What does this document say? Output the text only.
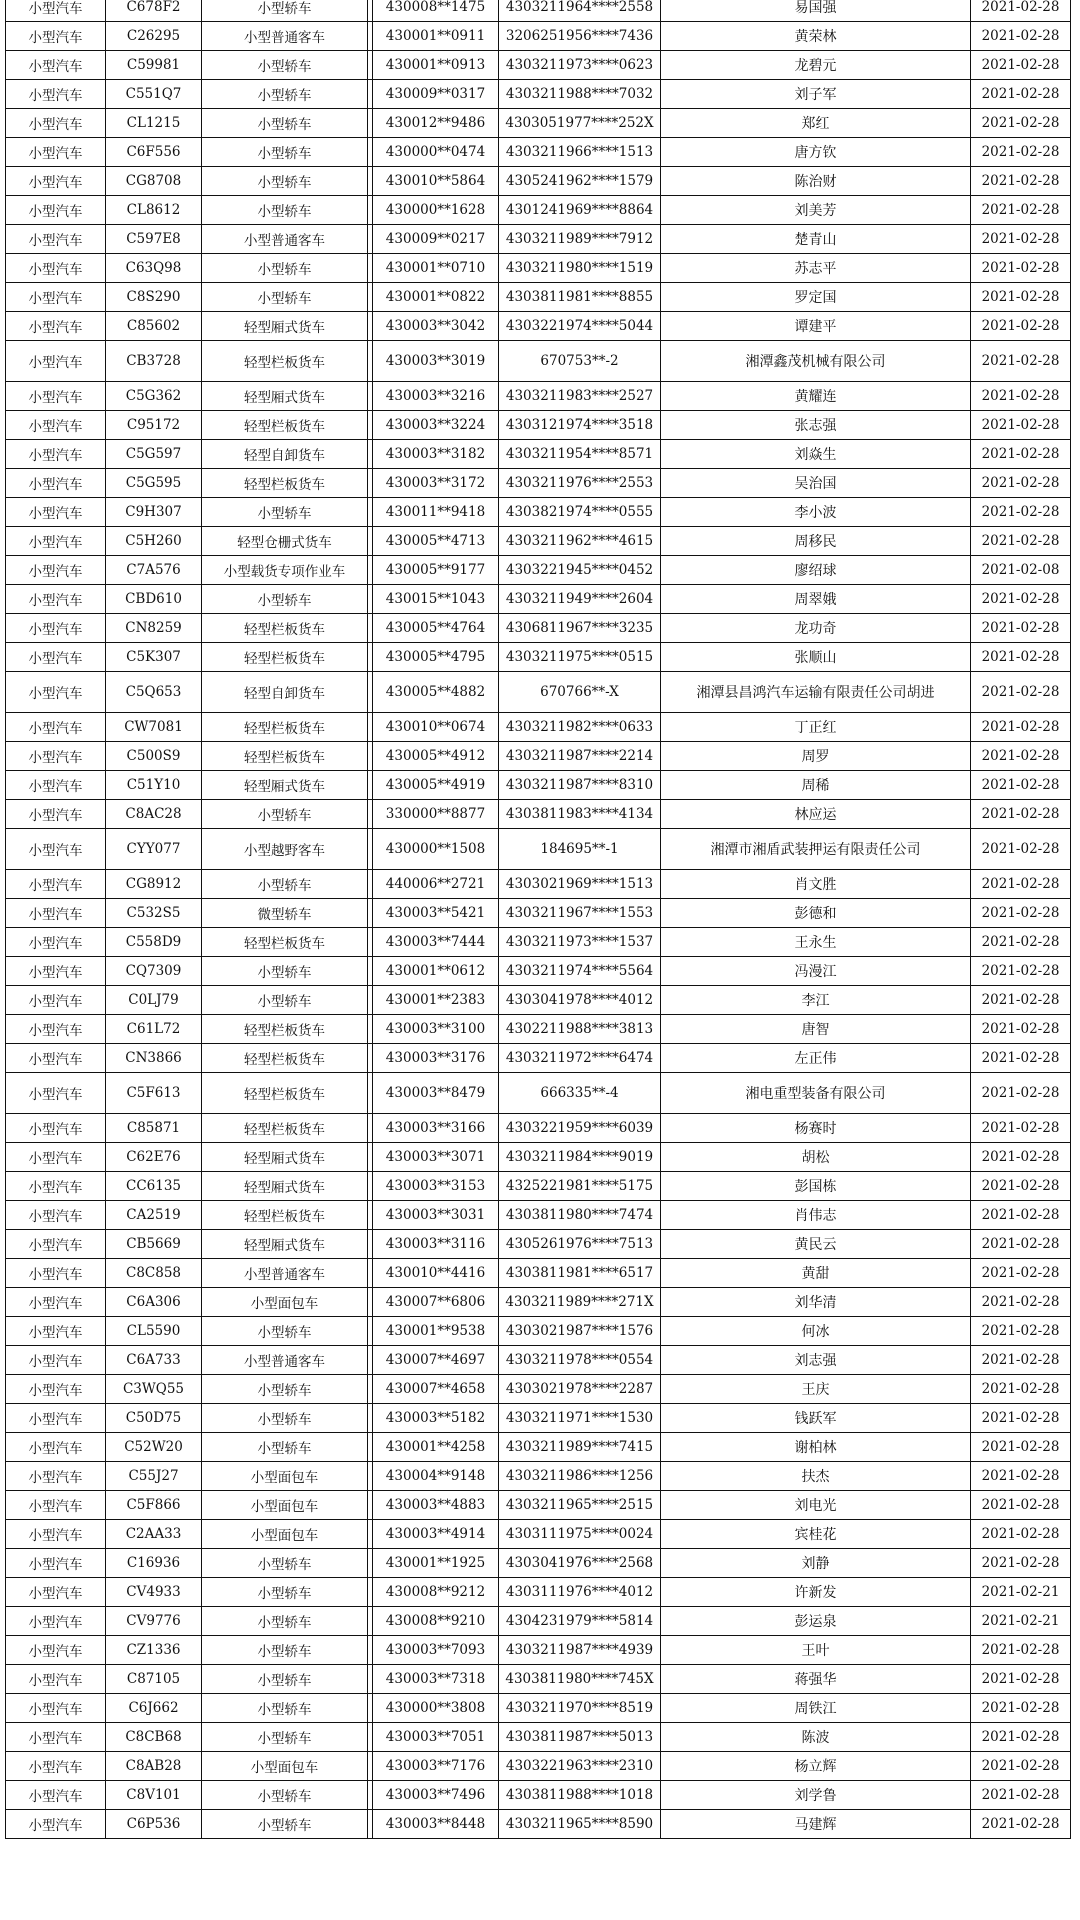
小型汽车	C678F2	小型轿车		430008**1475	4303211964****2558	易国强	2021-02-28
小型汽车	C26295	小型普通客车		430001**0911	3206251956****7436	黄荣林	2021-02-28
小型汽车	C59981	小型轿车		430001**0913	4303211973****0623	龙碧元	2021-02-28
小型汽车	C551Q7	小型轿车		430009**0317	4303211988****7032	刘子军	2021-02-28
小型汽车	CL1215	小型轿车		430012**9486	4303051977****252X	郑红	2021-02-28
小型汽车	C6F556	小型轿车		430000**0474	4303211966****1513	唐方钦	2021-02-28
小型汽车	CG8708	小型轿车		430010**5864	4305241962****1579	陈治财	2021-02-28
小型汽车	CL8612	小型轿车		430000**1628	4301241969****8864	刘美芳	2021-02-28
小型汽车	C597E8	小型普通客车		430009**0217	4303211989****7912	楚青山	2021-02-28
小型汽车	C63Q98	小型轿车		430001**0710	4303211980****1519	苏志平	2021-02-28
小型汽车	C8S290	小型轿车		430001**0822	4303811981****8855	罗定国	2021-02-28
小型汽车	C85602	轻型厢式货车		430003**3042	4303221974****5044	谭建平	2021-02-28
小型汽车	CB3728	轻型栏板货车		430003**3019	670753**-2	湘潭鑫茂机械有限公司	2021-02-28
小型汽车	C5G362	轻型厢式货车		430003**3216	4303211983****2527	黄耀连	2021-02-28
小型汽车	C95172	轻型栏板货车		430003**3224	4303121974****3518	张志强	2021-02-28
小型汽车	C5G597	轻型自卸货车		430003**3182	4303211954****8571	刘焱生	2021-02-28
小型汽车	C5G595	轻型栏板货车		430003**3172	4303211976****2553	吴治国	2021-02-28
小型汽车	C9H307	小型轿车		430011**9418	4303821974****0555	李小波	2021-02-28
小型汽车	C5H260	轻型仓栅式货车		430005**4713	4303211962****4615	周移民	2021-02-28
小型汽车	C7A576	小型载货专项作业车		430005**9177	4303221945****0452	廖绍球	2021-02-08
小型汽车	CBD610	小型轿车		430015**1043	4303211949****2604	周翠娥	2021-02-28
小型汽车	CN8259	轻型栏板货车		430005**4764	4306811967****3235	龙功奇	2021-02-28
小型汽车	C5K307	轻型栏板货车		430005**4795	4303211975****0515	张顺山	2021-02-28
小型汽车	C5Q653	轻型自卸货车		430005**4882	670766**-X	湘潭县昌鸿汽车运输有限责任公司胡进	2021-02-28
小型汽车	CW7081	轻型栏板货车		430010**0674	4303211982****0633	丁正红	2021-02-28
小型汽车	C500S9	轻型栏板货车		430005**4912	4303211987****2214	周罗	2021-02-28
小型汽车	C51Y10	轻型厢式货车		430005**4919	4303211987****8310	周稀	2021-02-28
小型汽车	C8AC28	小型轿车		330000**8877	4303811983****4134	林应运	2021-02-28
小型汽车	CYY077	小型越野客车		430000**1508	184695**-1	湘潭市湘盾武装押运有限责任公司	2021-02-28
小型汽车	CG8912	小型轿车		440006**2721	4303021969****1513	肖文胜	2021-02-28
小型汽车	C532S5	微型轿车		430003**5421	4303211967****1553	彭德和	2021-02-28
小型汽车	C558D9	轻型栏板货车		430003**7444	4303211973****1537	王永生	2021-02-28
小型汽车	CQ7309	小型轿车		430001**0612	4303211974****5564	冯漫江	2021-02-28
小型汽车	C0LJ79	小型轿车		430001**2383	4303041978****4012	李江	2021-02-28
小型汽车	C61L72	轻型栏板货车		430003**3100	4302211988****3813	唐智	2021-02-28
小型汽车	CN3866	轻型栏板货车		430003**3176	4303211972****6474	左正伟	2021-02-28
小型汽车	C5F613	轻型栏板货车		430003**8479	666335**-4	湘电重型装备有限公司	2021-02-28
小型汽车	C85871	轻型栏板货车		430003**3166	4303221959****6039	杨赛时	2021-02-28
小型汽车	C62E76	轻型厢式货车		430003**3071	4303211984****9019	胡松	2021-02-28
小型汽车	CC6135	轻型厢式货车		430003**3153	4325221981****5175	彭国栋	2021-02-28
小型汽车	CA2519	轻型栏板货车		430003**3031	4303811980****7474	肖伟志	2021-02-28
小型汽车	CB5669	轻型厢式货车		430003**3116	4305261976****7513	黄民云	2021-02-28
小型汽车	C8C858	小型普通客车		430010**4416	4303811981****6517	黄甜	2021-02-28
小型汽车	C6A306	小型面包车		430007**6806	4303211989****271X	刘华清	2021-02-28
小型汽车	CL5590	小型轿车		430001**9538	4303021987****1576	何冰	2021-02-28
小型汽车	C6A733	小型普通客车		430007**4697	4303211978****0554	刘志强	2021-02-28
小型汽车	C3WQ55	小型轿车		430007**4658	4303021978****2287	王庆	2021-02-28
小型汽车	C50D75	小型轿车		430003**5182	4303211971****1530	钱跃军	2021-02-28
小型汽车	C52W20	小型轿车		430001**4258	4303211989****7415	谢柏林	2021-02-28
小型汽车	C55J27	小型面包车		430004**9148	4303211986****1256	扶杰	2021-02-28
小型汽车	C5F866	小型面包车		430003**4883	4303211965****2515	刘电光	2021-02-28
小型汽车	C2AA33	小型面包车		430003**4914	4303111975****0024	宾桂花	2021-02-28
小型汽车	C16936	小型轿车		430001**1925	4303041976****2568	刘静	2021-02-28
小型汽车	CV4933	小型轿车		430008**9212	4303111976****4012	许新发	2021-02-21
小型汽车	CV9776	小型轿车		430008**9210	4304231979****5814	彭运泉	2021-02-21
小型汽车	CZ1336	小型轿车		430003**7093	4303211987****4939	王叶	2021-02-28
小型汽车	C87105	小型轿车		430003**7318	4303811980****745X	蒋强华	2021-02-28
小型汽车	C6J662	小型轿车		430000**3808	4303211970****8519	周铁江	2021-02-28
小型汽车	C8CB68	小型轿车		430003**7051	4303811987****5013	陈波	2021-02-28
小型汽车	C8AB28	小型面包车		430003**7176	4303221963****2310	杨立辉	2021-02-28
小型汽车	C8V101	小型轿车		430003**7496	4303811988****1018	刘学鲁	2021-02-28
小型汽车	C6P536	小型轿车		430003**8448	4303211965****8590	马建辉	2021-02-28
